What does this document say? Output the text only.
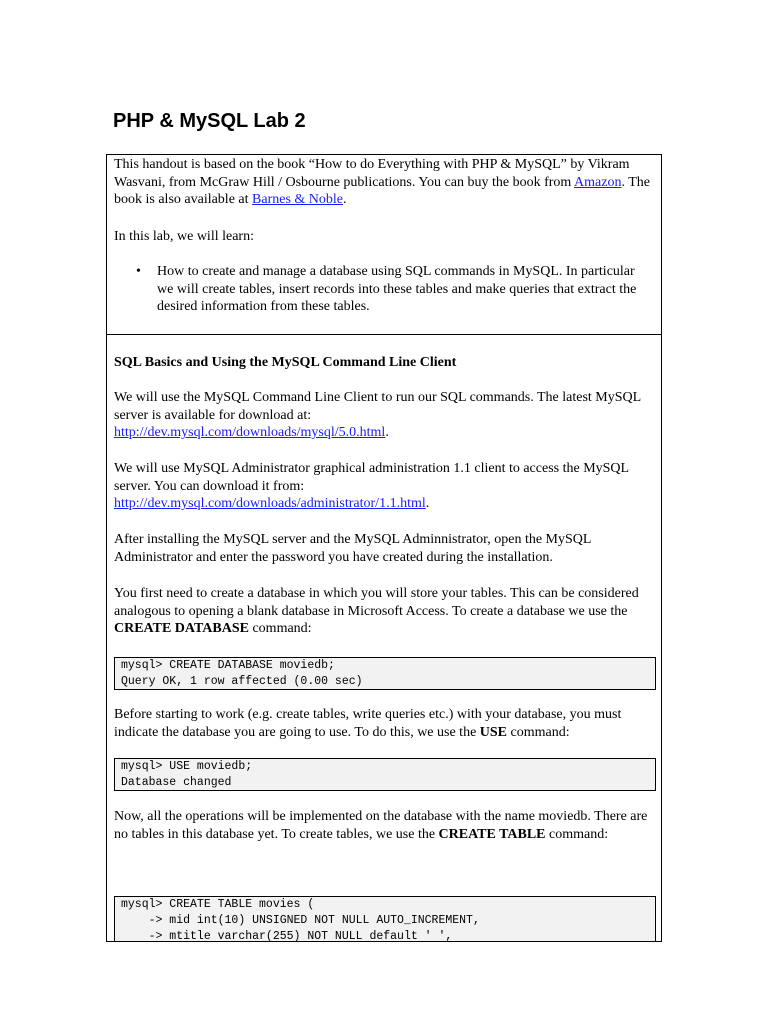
PHP & MySQL Lab 2

This handout is based on the book “How to do Everything with PHP & MySQL” by Vikram Wasvani, from McGraw Hill / Osbourne publications. You can buy the book from Amazon. The book is also available at Barnes & Noble.

In this lab, we will learn:

• How to create and manage a database using SQL commands in MySQL. In particular we will create tables, insert records into these tables and make queries that extract the desired information from these tables.

SQL Basics and Using the MySQL Command Line Client

We will use the MySQL Command Line Client to run our SQL commands. The latest MySQL server is available for download at:
http://dev.mysql.com/downloads/mysql/5.0.html.

We will use MySQL Administrator graphical administration 1.1 client to access the MySQL server. You can download it from:
http://dev.mysql.com/downloads/administrator/1.1.html.

After installing the MySQL server and the MySQL Adminnistrator, open the MySQL Administrator and enter the password you have created during the installation.

You first need to create a database in which you will store your tables. This can be considered analogous to opening a blank database in Microsoft Access. To create a database we use the CREATE DATABASE command:

mysql> CREATE DATABASE moviedb;
Query OK, 1 row affected (0.00 sec)

Before starting to work (e.g. create tables, write queries etc.) with your database, you must indicate the database you are going to use. To do this, we use the USE command:

mysql> USE moviedb;
Database changed

Now, all the operations will be implemented on the database with the name moviedb. There are no tables in this database yet. To create tables, we use the CREATE TABLE command:

mysql> CREATE TABLE movies (
-> mid int(10) UNSIGNED NOT NULL AUTO_INCREMENT,
-> mtitle varchar(255) NOT NULL default ' ',
